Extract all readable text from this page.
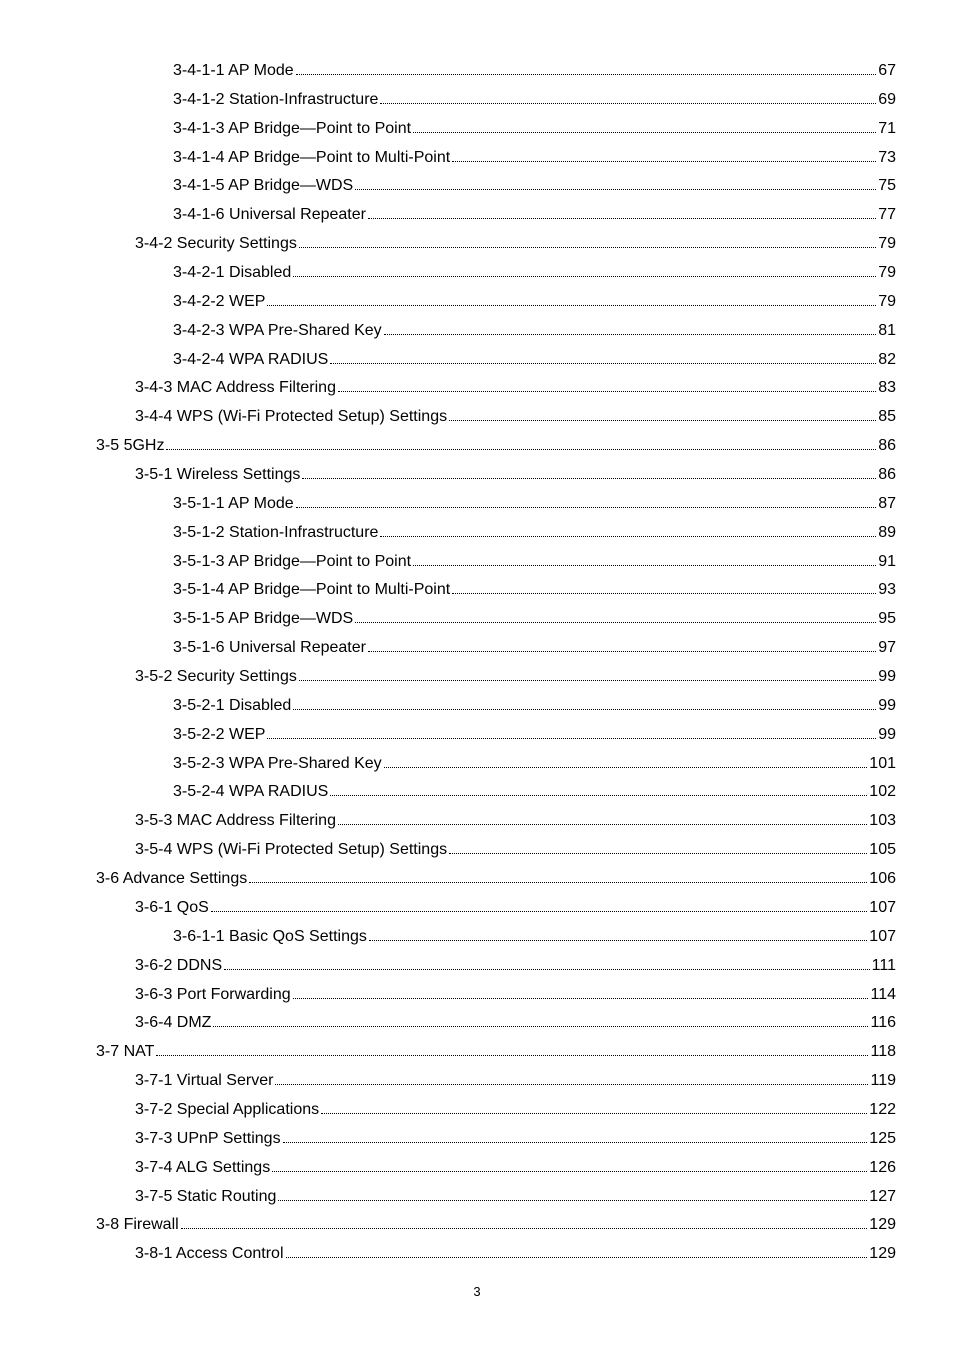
3-4-1-1 AP Mode	67
3-4-1-2 Station-Infrastructure	69
3-4-1-3 AP Bridge—Point to Point	71
3-4-1-4 AP Bridge—Point to Multi-Point	73
3-4-1-5 AP Bridge—WDS	75
3-4-1-6 Universal Repeater	77
3-4-2 Security Settings	79
3-4-2-1 Disabled	79
3-4-2-2 WEP	79
3-4-2-3 WPA Pre-Shared Key	81
3-4-2-4 WPA RADIUS	82
3-4-3 MAC Address Filtering	83
3-4-4 WPS (Wi-Fi Protected Setup) Settings	85
3-5 5GHz	86
3-5-1 Wireless Settings	86
3-5-1-1 AP Mode	87
3-5-1-2 Station-Infrastructure	89
3-5-1-3 AP Bridge—Point to Point	91
3-5-1-4 AP Bridge—Point to Multi-Point	93
3-5-1-5 AP Bridge—WDS	95
3-5-1-6 Universal Repeater	97
3-5-2 Security Settings	99
3-5-2-1 Disabled	99
3-5-2-2 WEP	99
3-5-2-3 WPA Pre-Shared Key	101
3-5-2-4 WPA RADIUS	102
3-5-3 MAC Address Filtering	103
3-5-4 WPS (Wi-Fi Protected Setup) Settings	105
3-6 Advance Settings	106
3-6-1 QoS	107
3-6-1-1 Basic QoS Settings	107
3-6-2 DDNS	111
3-6-3 Port Forwarding	114
3-6-4 DMZ	116
3-7 NAT	118
3-7-1 Virtual Server	119
3-7-2 Special Applications	122
3-7-3 UPnP Settings	125
3-7-4 ALG Settings	126
3-7-5 Static Routing	127
3-8 Firewall	129
3-8-1 Access Control	129
3
